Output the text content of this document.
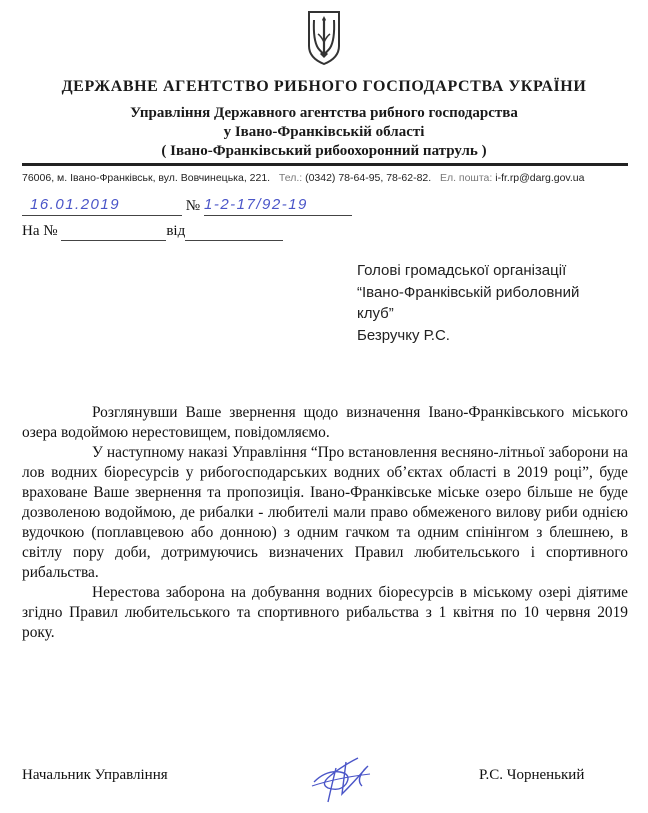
ДЕРЖАВНЕ АГЕНТСТВО РИБНОГО ГОСПОДАРСТВА УКРАЇНИ
Управління Державного агентства рибного господарства
у Івано-Франківській області
( Івано-Франківський рибоохоронний патруль )
76006, м. Івано-Франківськ, вул. Вовчинецька, 221. Тел.: (0342) 78-64-95, 78-62-82. Ел. пошта: i-fr.rp@darg.gov.ua
№
16.01.2019	1-2-17/92-19
На №	від
Голові громадської організації
“Івано-Франківській риболовний
клуб”
Безручку Р.С.

Розглянувши Ваше звернення щодо визначення Івано-Франківського міського озера водоймою нерестовищем, повідомляємо.

У наступному наказі Управління “Про встановлення весняно-літньої заборони на лов водних біоресурсів у рибогосподарських водних об’єктах області в 2019 році”, буде враховане Ваше звернення та пропозиція. Івано-Франківське міське озеро більше не буде дозволеною водоймою, де рибалки - любителі мали право обмеженого вилову риби однією вудочкою (поплавцевою або донною) з одним гачком та одним спінінгом з блешнею, в світлу пору доби, дотримуючись визначених Правил любительського і спортивного рибальства.

Нерестова заборона на добування водних біоресурсів в міському озері діятиме згідно Правил любительського та спортивного рибальства з 1 квітня по 10 червня 2019 року.

Начальник Управління	Р.С. Чорненький
